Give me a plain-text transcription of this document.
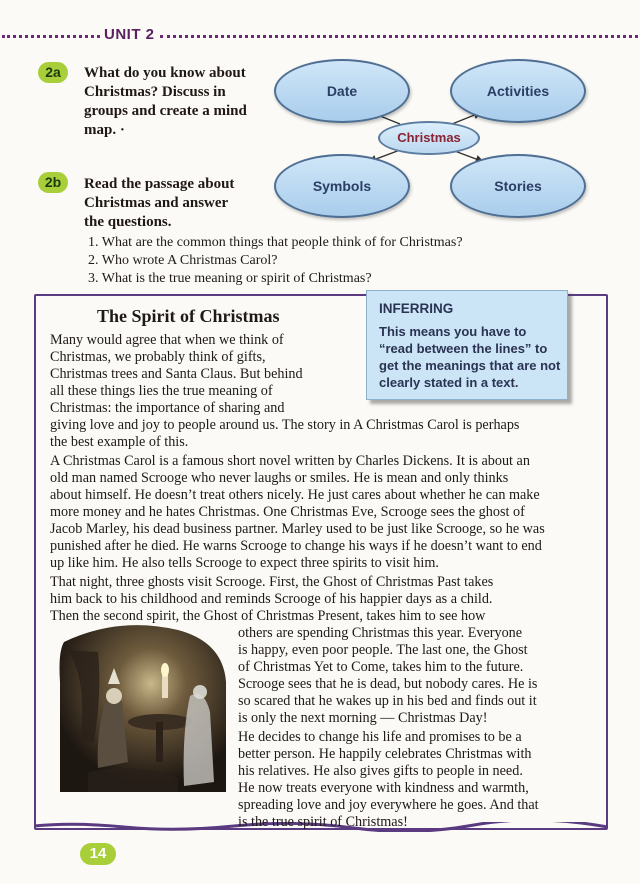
UNIT 2
2a	What do you know about
Christmas? Discuss in
groups and create a mind
map. ·
2b	Read the passage about
Christmas and answer
the questions.
Date	Activities
Symbols	Stories
Christmas
1. What are the common things that people think of for Christmas?
2. Who wrote A Christmas Carol?
3. What is the true meaning or spirit of Christmas?
INFERRING
This means you have to “read between the lines” to get the meanings that are not clearly stated in a text.
The Spirit of Christmas
Many would agree that when we think of
Christmas, we probably think of gifts,
Christmas trees and Santa Claus. But behind
all these things lies the true meaning of
Christmas: the importance of sharing and
giving love and joy to people around us. The story in A Christmas Carol is perhaps
the best example of this.
A Christmas Carol is a famous short novel written by Charles Dickens. It is about an
old man named Scrooge who never laughs or smiles. He is mean and only thinks
about himself. He doesn’t treat others nicely. He just cares about whether he can make
more money and he hates Christmas. One Christmas Eve, Scrooge sees the ghost of
Jacob Marley, his dead business partner. Marley used to be just like Scrooge, so he was
punished after he died. He warns Scrooge to change his ways if he doesn’t want to end
up like him. He also tells Scrooge to expect three spirits to visit him.
That night, three ghosts visit Scrooge. First, the Ghost of Christmas Past takes
him back to his childhood and reminds Scrooge of his happier days as a child.
Then the second spirit, the Ghost of Christmas Present, takes him to see how
others are spending Christmas this year. Everyone
is happy, even poor people. The last one, the Ghost
of Christmas Yet to Come, takes him to the future.
Scrooge sees that he is dead, but nobody cares. He is
so scared that he wakes up in his bed and finds out it
is only the next morning — Christmas Day!
He decides to change his life and promises to be a
better person. He happily celebrates Christmas with
his relatives. He also gives gifts to people in need.
He now treats everyone with kindness and warmth,
spreading love and joy everywhere he goes. And that
is the true spirit of Christmas!
14
